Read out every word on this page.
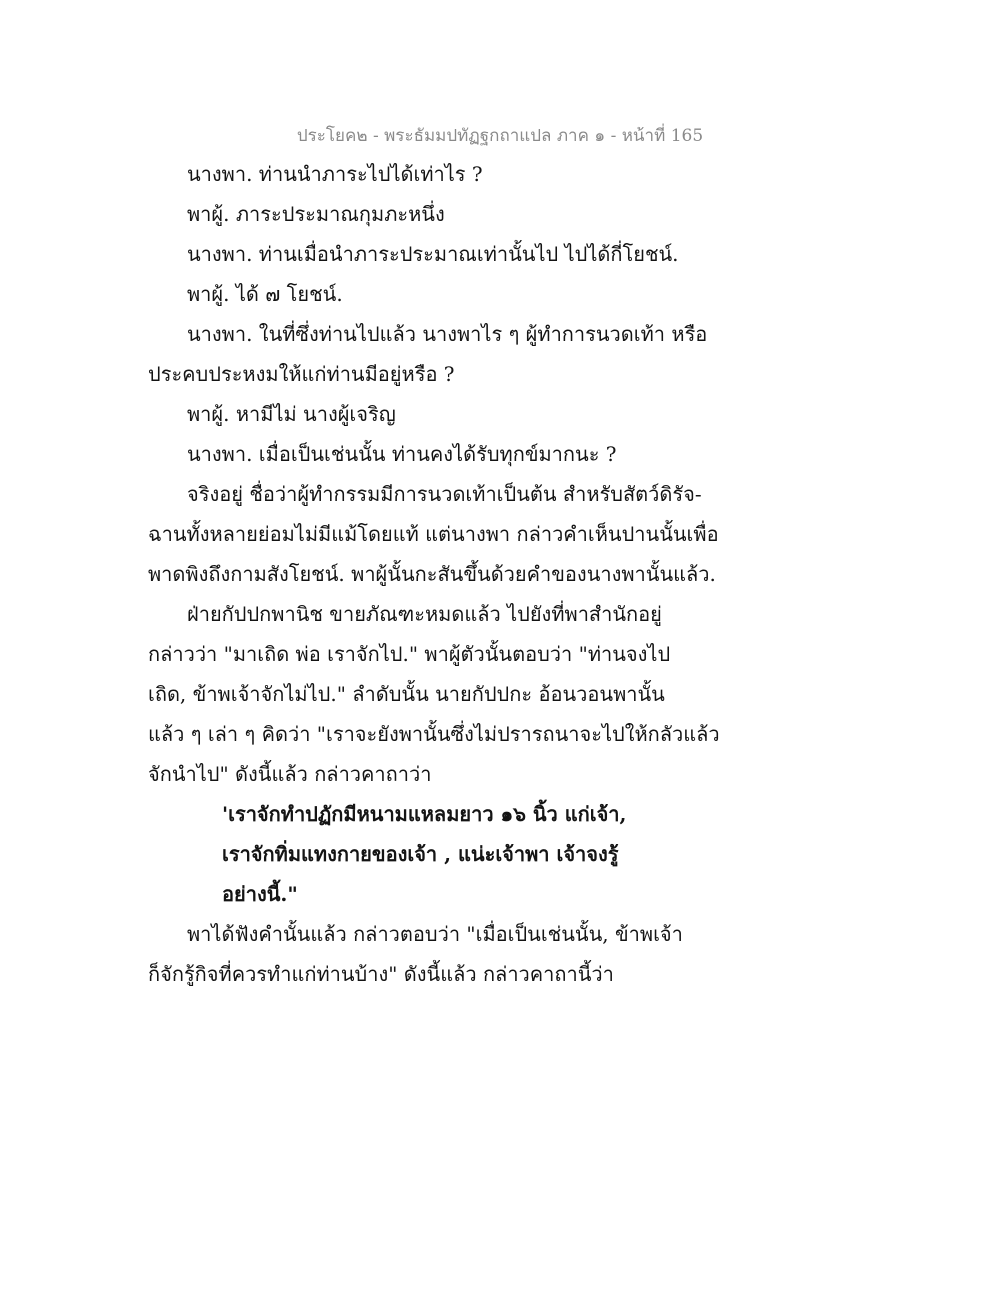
ประโยค๒ - พระธัมมปทัฏฐกถาแปล ภาค ๑ - หน้าที่ 165
นางพา. ท่านนำภาระไปได้เท่าไร ?
พาผู้. ภาระประมาณกุมภะหนึ่ง
นางพา. ท่านเมื่อนำภาระประมาณเท่านั้นไป ไปได้กี่โยชน์.
พาผู้. ได้ ๗ โยชน์.
นางพา. ในที่ซึ่งท่านไปแล้ว นางพาไร ๆ ผู้ทำการนวดเท้า หรือ
ประคบประหงมให้แก่ท่านมีอยู่หรือ ?
พาผู้. หามีไม่ นางผู้เจริญ
นางพา. เมื่อเป็นเช่นนั้น ท่านคงได้รับทุกข์มากนะ ?
จริงอยู่ ชื่อว่าผู้ทำกรรมมีการนวดเท้าเป็นต้น สำหรับสัตว์ดิรัจ-
ฉานทั้งหลายย่อมไม่มีแม้โดยแท้ แต่นางพา กล่าวคำเห็นปานนั้นเพื่อ
พาดพิงถึงกามสังโยชน์. พาผู้นั้นกะสันขึ้นด้วยคำของนางพานั้นแล้ว.
ฝ่ายกัปปกพานิช ขายภัณฑะหมดแล้ว ไปยังที่พาสำนักอยู่
กล่าวว่า "มาเถิด พ่อ เราจักไป." พาผู้ตัวนั้นตอบว่า "ท่านจงไป
เถิด, ข้าพเจ้าจักไม่ไป." ลำดับนั้น นายกัปปกะ อ้อนวอนพานั้น
แล้ว ๆ เล่า ๆ คิดว่า "เราจะยังพานั้นซึ่งไม่ปรารถนาจะไปให้กลัวแล้ว
จักนำไป" ดังนี้แล้ว กล่าวคาถาว่า
'เราจักทำปฏักมีหนามแหลมยาว ๑๖ นิ้ว แก่เจ้า,
เราจักทิ่มแทงกายของเจ้า , แน่ะเจ้าพา เจ้าจงรู้
อย่างนี้."
พาได้ฟังคำนั้นแล้ว กล่าวตอบว่า "เมื่อเป็นเช่นนั้น, ข้าพเจ้า
ก็จักรู้กิจที่ควรทำแก่ท่านบ้าง" ดังนี้แล้ว กล่าวคาถานี้ว่า
